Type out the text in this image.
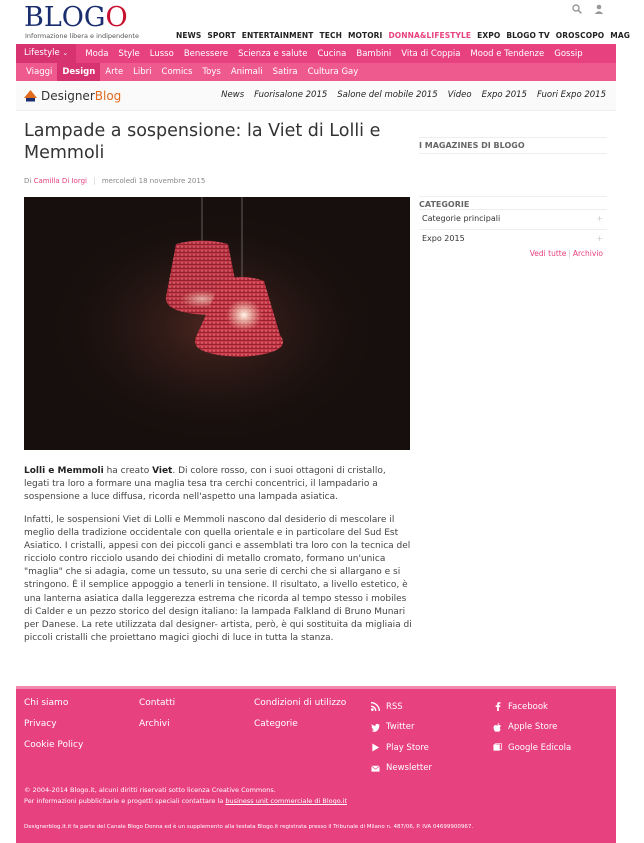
BLOGO
Informazione libera e indipendente	NEWS SPORT ENTERTAINMENT TECH MOTORI DONNA&LIFESTYLE EXPO BLOGO TV OROSCOPO MAG
Lifestyle ⌄	Moda	Style	Lusso	Benessere	Scienza e salute	Cucina	Bambini	Vita di Coppia	Mood e Tendenze	Gossip
Viaggi	Design	Arte	Libri	Comics	Toys	Animali	Satira	Cultura Gay
DesignerBlog	News Fuorisalone 2015 Salone del mobile 2015 Video Expo 2015 Fuori Expo 2015
Lampade a sospensione: la Viet di Lolli e Memmoli
Di Camilla Di Iorgi | mercoledì 18 novembre 2015

Lolli e Memmoli ha creato Viet. Di colore rosso, con i suoi ottagoni di cristallo, legati tra loro a formare una maglia tesa tra cerchi concentrici, il lampadario a sospensione a luce diffusa, ricorda nell'aspetto una lampada asiatica.

Infatti, le sospensioni Viet di Lolli e Memmoli nascono dal desiderio di mescolare il meglio della tradizione occidentale con quella orientale e in particolare del Sud Est Asiatico. I cristalli, appesi con dei piccoli ganci e assemblati tra loro con la tecnica del ricciolo contro ricciolo usando dei chiodini di metallo cromato, formano un'unica "maglia" che si adagia, come un tessuto, su una serie di cerchi che si allargano e si stringono. È il semplice appoggio a tenerli in tensione. Il risultato, a livello estetico, è una lanterna asiatica dalla leggerezza estrema che ricorda al tempo stesso i mobiles di Calder e un pezzo storico del design italiano: la lampada Falkland di Bruno Munari per Danese. La rete utilizzata dal designer- artista, però, è qui sostituita da migliaia di piccoli cristalli che proiettano magici giochi di luce in tutta la stanza.

I MAGAZINES DI BLOGO
CATEGORIE
Categorie principali	+
Expo 2015	+
Vedi tutte | Archivio
Chi siamo
Privacy
Cookie Policy
Contatti
Archivi
Condizioni di utilizzo
Categorie
RSS
Twitter
Play Store
Newsletter
Facebook
Apple Store
Google Edicola
© 2004-2014 Blogo.it, alcuni diritti riservati sotto licenza Creative Commons.
Per informazioni pubblicitarie e progetti speciali contattare la business unit commerciale di Blogo.it
Designerblog.it.it fa parte del Canale Blogo Donna ed è un supplemento alla testata Blogo.it registrata presso il Tribunale di Milano n. 487/06, P. IVA 04699900967.
